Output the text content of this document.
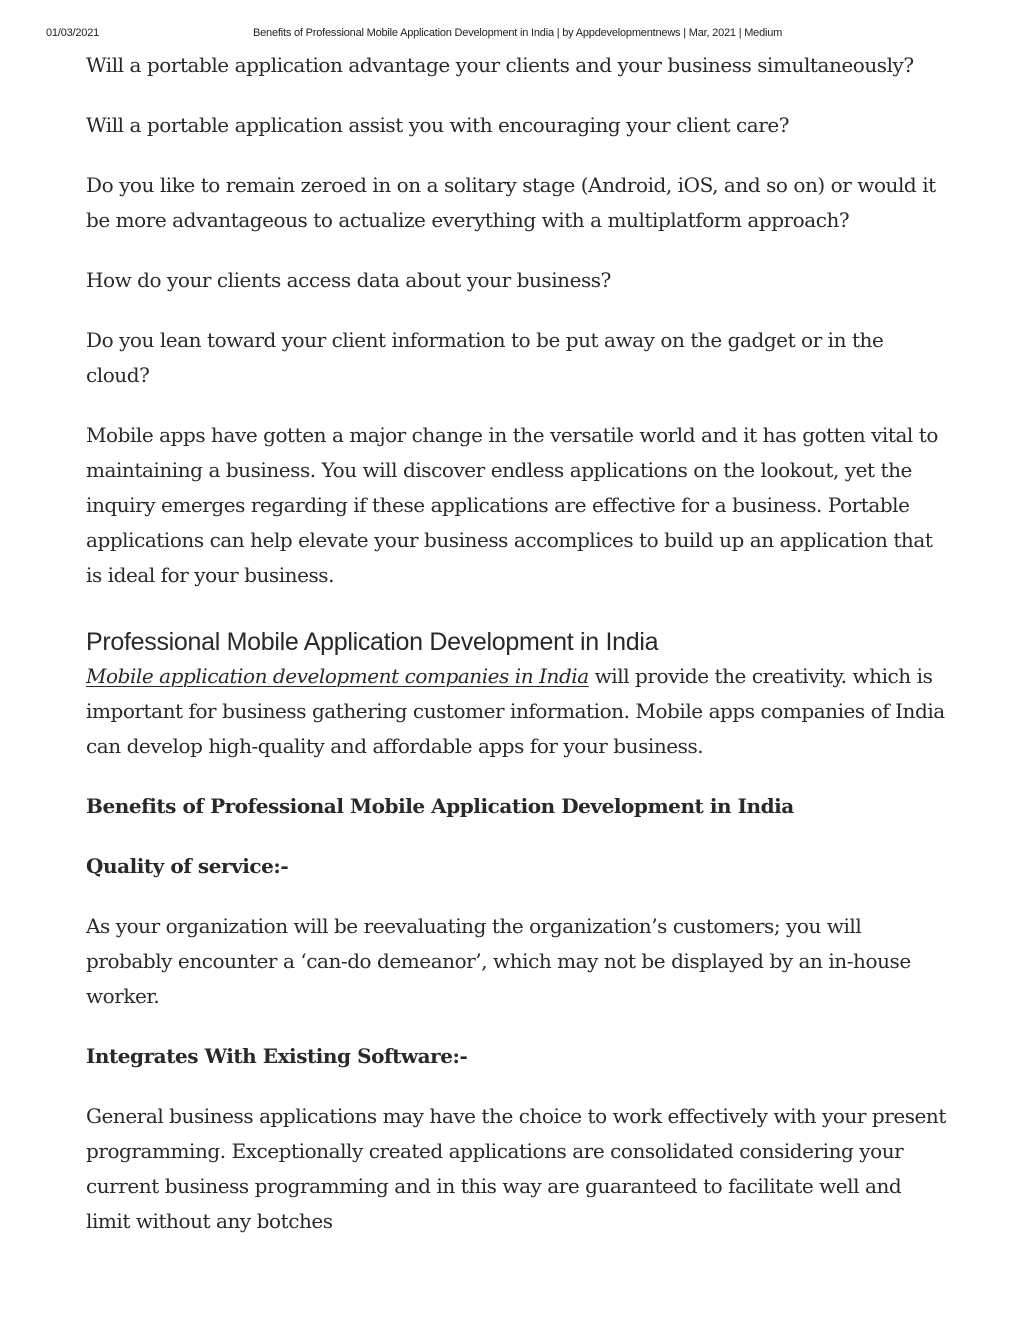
01/03/2021	Benefits of Professional Mobile Application Development in India | by Appdevelopmentnews | Mar, 2021 | Medium

Will a portable application advantage your clients and your business simultaneously?

Will a portable application assist you with encouraging your client care?

Do you like to remain zeroed in on a solitary stage (Android, iOS, and so on) or would it be more advantageous to actualize everything with a multiplatform approach?

How do your clients access data about your business?

Do you lean toward your client information to be put away on the gadget or in the cloud?

Mobile apps have gotten a major change in the versatile world and it has gotten vital to maintaining a business. You will discover endless applications on the lookout, yet the inquiry emerges regarding if these applications are effective for a business. Portable applications can help elevate your business accomplices to build up an application that is ideal for your business.

Professional Mobile Application Development in India

Mobile application development companies in India will provide the creativity. which is important for business gathering customer information. Mobile apps companies of India can develop high-quality and affordable apps for your business.

Benefits of Professional Mobile Application Development in India

Quality of service:-

As your organization will be reevaluating the organization’s customers; you will probably encounter a ‘can-do demeanor’, which may not be displayed by an in-house worker.

Integrates With Existing Software:-

General business applications may have the choice to work effectively with your present programming. Exceptionally created applications are consolidated considering your current business programming and in this way are guaranteed to facilitate well and limit without any botches
